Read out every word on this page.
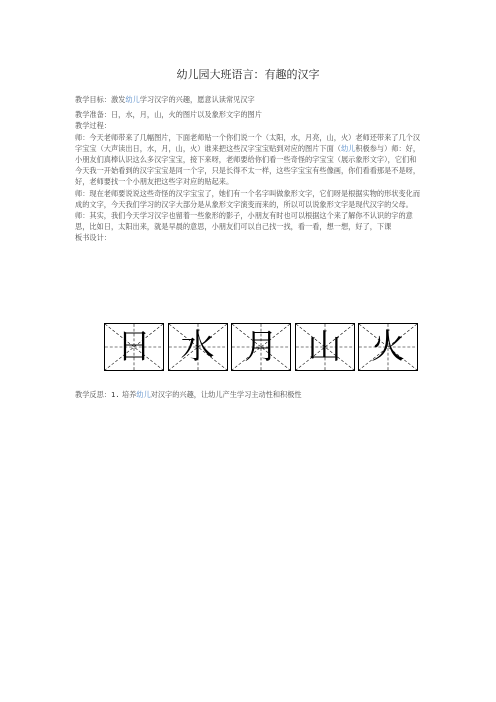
幼儿园大班语言：有趣的汉字

教学目标：激发幼儿学习汉字的兴趣，愿意认读常见汉字

教学准备：日，水，月，山，火的图片以及象形文字的图片

教学过程：

师：今天老师带来了几幅图片，下面老师贴一个你们说一个（太阳，水，月亮，山，火）老师还带来了几个汉字宝宝（大声读出日，水，月，山，火）谁来把这些汉字宝宝贴到对应的图片下面（幼儿积极参与）师：好，小朋友们真棒认识这么多汉字宝宝，接下来呀，老师要给你们看一些奇怪的字宝宝（展示象形文字），它们和今天我一开始看到的汉字宝宝是同一个字，只是长得不太一样，这些字宝宝有些像画，你们看看那是不是呀，好，老师要找一个小朋友把这些字对应的贴起来。

师：现在老师要说说这些奇怪的汉字宝宝了，她们有一个名字叫做象形文字，它们呀是根据实物的形状变化而成的文字，今天我们学习的汉字大部分是从象形文字演变而来的，所以可以说象形文字是现代汉字的父母。

师：其实，我们今天学习汉字也留着一些象形的影子，小朋友有时也可以根据这个来了解你不认识的字的意思，比如日，太阳出来，就是早晨的意思，小朋友们可以自己找一找，看一看，想一想，好了，下课

板书设计：

日 水 月 山 火
教学反思：1. 培养幼儿对汉字的兴趣，让幼儿产生学习主动性和积极性
